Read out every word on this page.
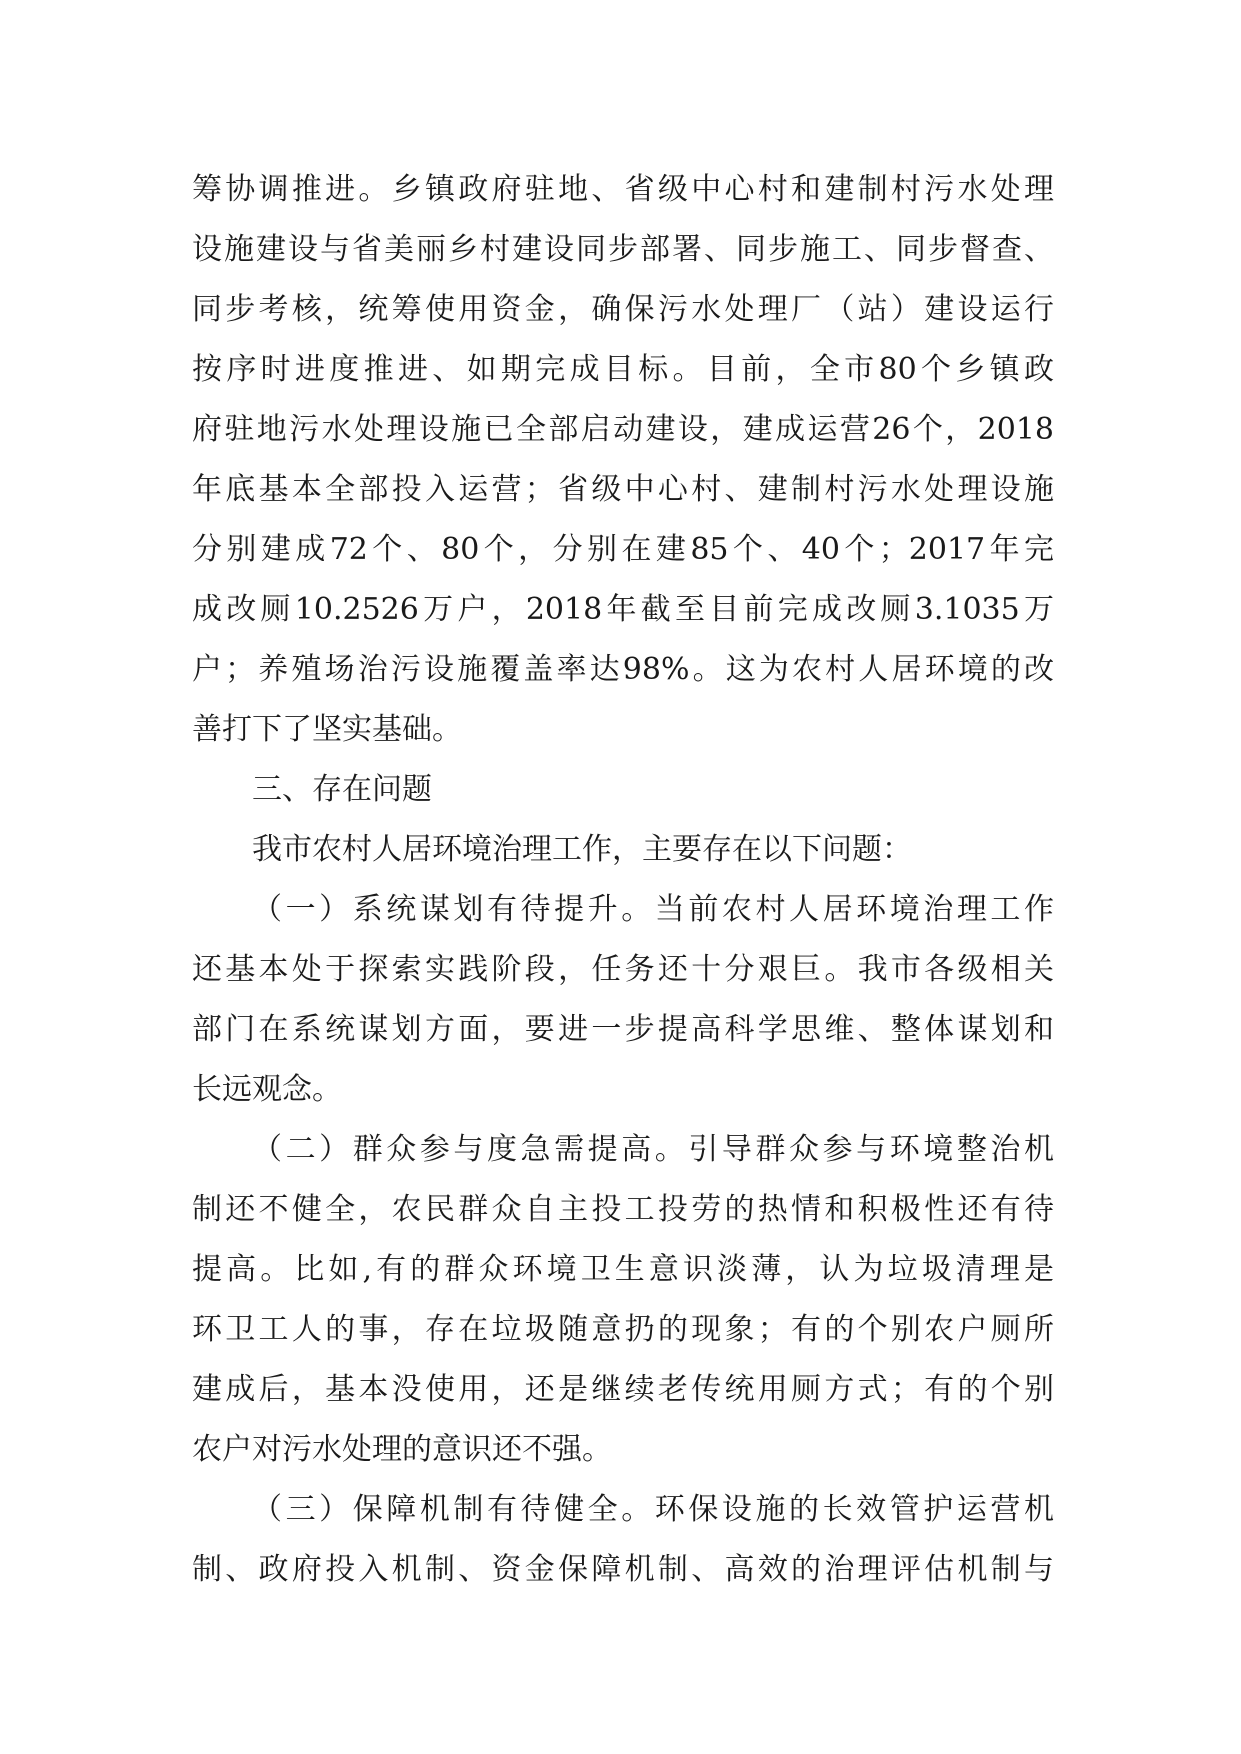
筹协调推进。乡镇政府驻地、省级中心村和建制村污水处理
设施建设与省美丽乡村建设同步部署、同步施工、同步督查、
同步考核，统筹使用资金，确保污水处理厂（站）建设运行
按序时进度推进、如期完成目标。目前，全市80个乡镇政
府驻地污水处理设施已全部启动建设，建成运营26个，2018
年底基本全部投入运营；省级中心村、建制村污水处理设施
分别建成72个、80个，分别在建85个、40个；2017年完
成改厕10.2526万户，2018年截至目前完成改厕3.1035万
户；养殖场治污设施覆盖率达98%。这为农村人居环境的改
善打下了坚实基础。
三、存在问题
我市农村人居环境治理工作，主要存在以下问题：
（一）系统谋划有待提升。当前农村人居环境治理工作
还基本处于探索实践阶段，任务还十分艰巨。我市各级相关
部门在系统谋划方面，要进一步提高科学思维、整体谋划和
长远观念。
（二）群众参与度急需提高。引导群众参与环境整治机
制还不健全，农民群众自主投工投劳的热情和积极性还有待
提高。比如,有的群众环境卫生意识淡薄，认为垃圾清理是
环卫工人的事，存在垃圾随意扔的现象；有的个别农户厕所
建成后，基本没使用，还是继续老传统用厕方式；有的个别
农户对污水处理的意识还不强。
（三）保障机制有待健全。环保设施的长效管护运营机
制、政府投入机制、资金保障机制、高效的治理评估机制与
